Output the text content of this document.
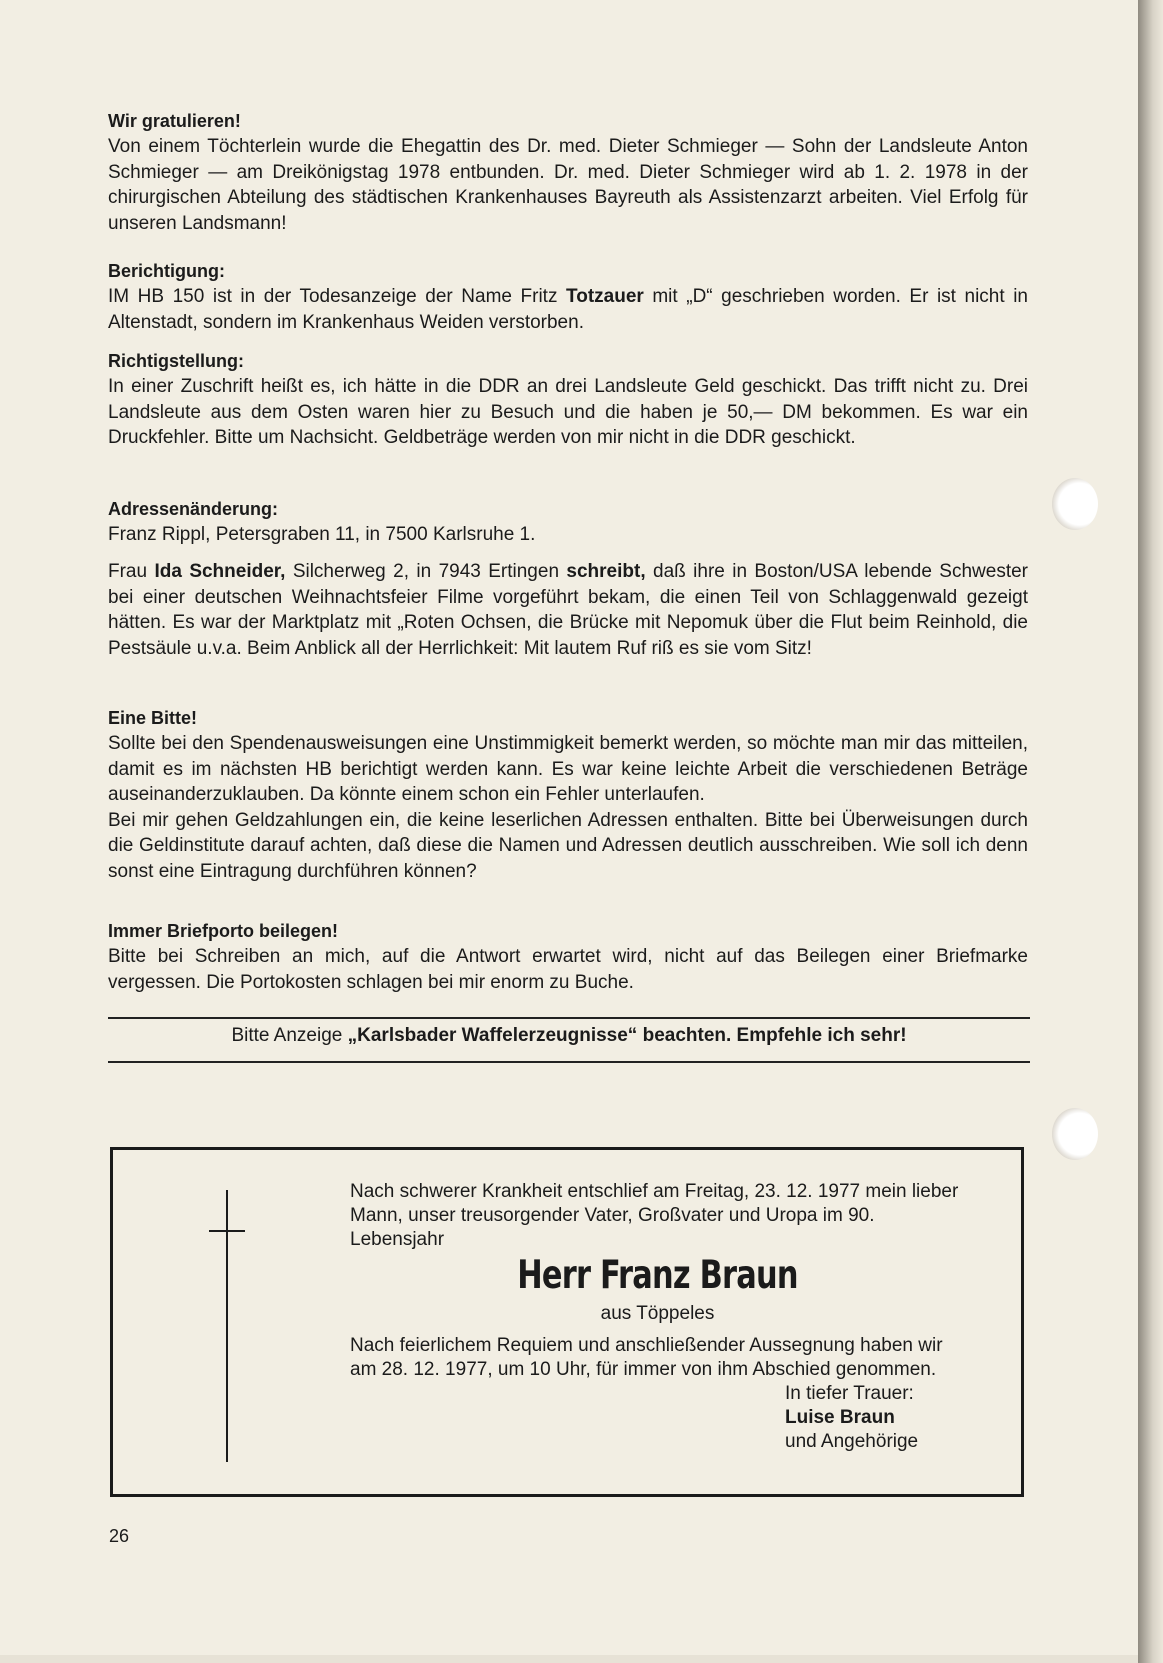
Wir gratulieren!

Von einem Töchterlein wurde die Ehegattin des Dr. med. Dieter Schmieger — Sohn der Landsleute Anton Schmieger — am Dreikönigstag 1978 entbunden. Dr. med. Dieter Schmieger wird ab 1. 2. 1978 in der chirurgischen Abteilung des städtischen Krankenhauses Bayreuth als Assistenzarzt arbeiten. Viel Erfolg für unseren Landsmann!

Berichtigung:

IM HB 150 ist in der Todesanzeige der Name Fritz Totzauer mit „D“ geschrieben worden. Er ist nicht in Altenstadt, sondern im Krankenhaus Weiden verstorben.

Richtigstellung:

In einer Zuschrift heißt es, ich hätte in die DDR an drei Landsleute Geld geschickt. Das trifft nicht zu. Drei Landsleute aus dem Osten waren hier zu Besuch und die haben je 50,— DM bekommen. Es war ein Druckfehler. Bitte um Nachsicht. Geldbeträge werden von mir nicht in die DDR geschickt.

Adressenänderung:

Franz Rippl, Petersgraben 11, in 7500 Karlsruhe 1.

Frau Ida Schneider, Silcherweg 2, in 7943 Ertingen schreibt, daß ihre in Boston/USA lebende Schwester bei einer deutschen Weihnachtsfeier Filme vorgeführt bekam, die einen Teil von Schlaggenwald gezeigt hätten. Es war der Marktplatz mit „Roten Ochsen, die Brücke mit Nepomuk über die Flut beim Reinhold, die Pestsäule u.v.a. Beim Anblick all der Herrlichkeit: Mit lautem Ruf riß es sie vom Sitz!

Eine Bitte!

Sollte bei den Spendenausweisungen eine Unstimmigkeit bemerkt werden, so möchte man mir das mitteilen, damit es im nächsten HB berichtigt werden kann. Es war keine leichte Arbeit die verschiedenen Beträge auseinanderzuklauben. Da könnte einem schon ein Fehler unterlaufen.

Bei mir gehen Geldzahlungen ein, die keine leserlichen Adressen enthalten. Bitte bei Überweisungen durch die Geldinstitute darauf achten, daß diese die Namen und Adressen deutlich ausschreiben. Wie soll ich denn sonst eine Eintragung durchführen können?

Immer Briefporto beilegen!

Bitte bei Schreiben an mich, auf die Antwort erwartet wird, nicht auf das Beilegen einer Briefmarke vergessen. Die Portokosten schlagen bei mir enorm zu Buche.

Bitte Anzeige „Karlsbader Waffelerzeugnisse“ beachten. Empfehle ich sehr!

Nach schwerer Krankheit entschlief am Freitag, 23. 12. 1977 mein lieber Mann, unser treusorgender Vater, Großvater und Uropa im 90. Lebensjahr

Herr Franz Braun

aus Töppeles

Nach feierlichem Requiem und anschließender Aussegnung haben wir am 28. 12. 1977, um 10 Uhr, für immer von ihm Abschied genommen.

In tiefer Trauer:
Luise Braun
und Angehörige

26
